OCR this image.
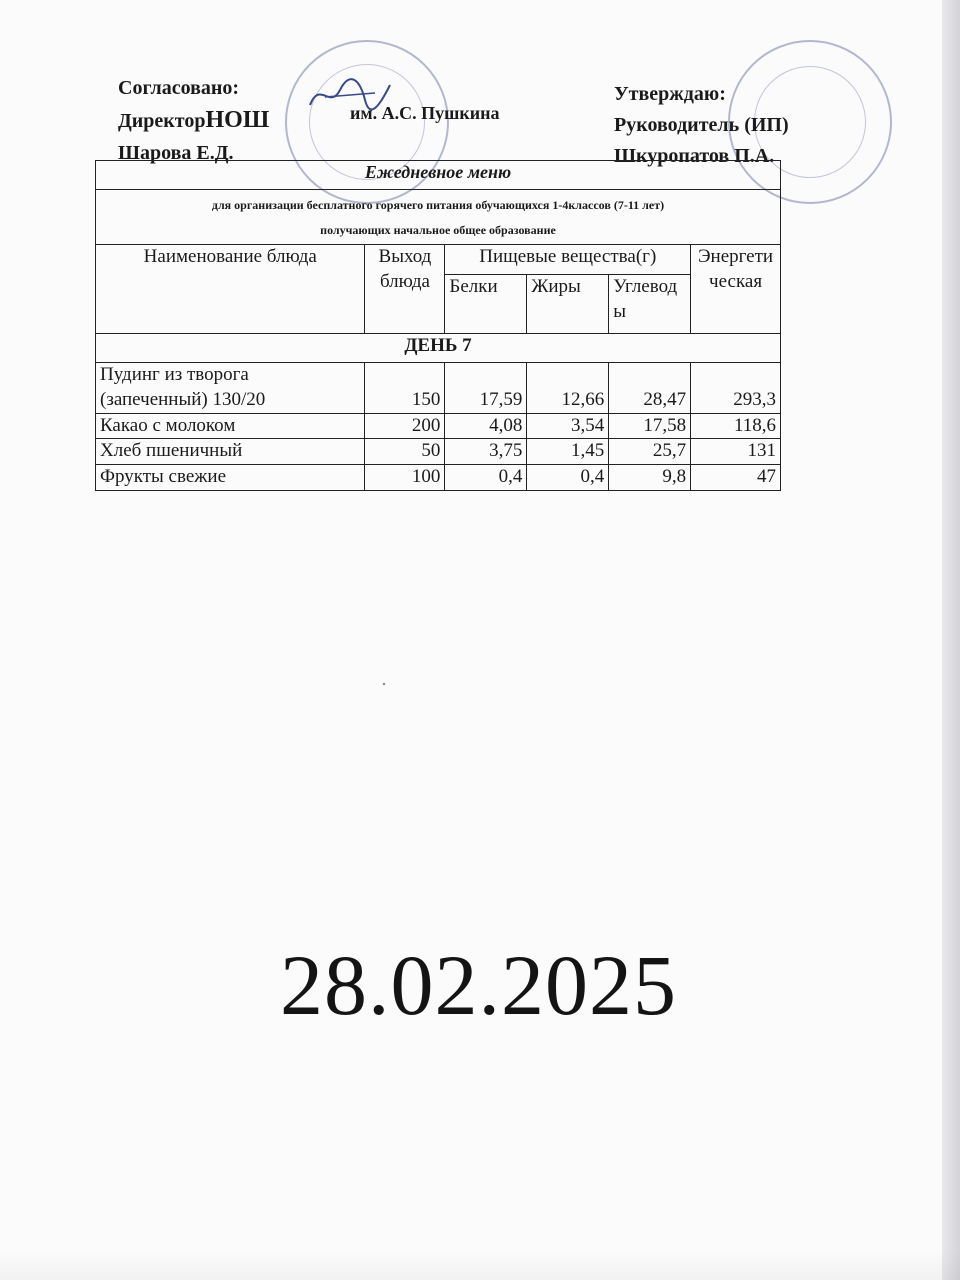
Согласовано:
ДиректорНОШ
Шарова Е.Д.
им. А.С. Пушкина
Утверждаю:
Руководитель (ИП)
Шкуропатов П.А.
Ежедневное меню					

для организации бесплатного горячего питания обучающихся 1-4классов (7-11 лет)
получающих начальное общее образование					

Наименование блюда	Выход блюда	Пищевые вещества(г)			Энергетическая
		Белки	Жиры	Углеводы	
ДЕНЬ 7					
Пудинг из творога (запеченный) 130/20	150	17,59	12,66	28,47	293,3
Какао с молоком	200	4,08	3,54	17,58	118,6
Хлеб пшеничный	50	3,75	1,45	25,7	131
Фрукты свежие	100	0,4	0,4	9,8	47
28.02.2025
